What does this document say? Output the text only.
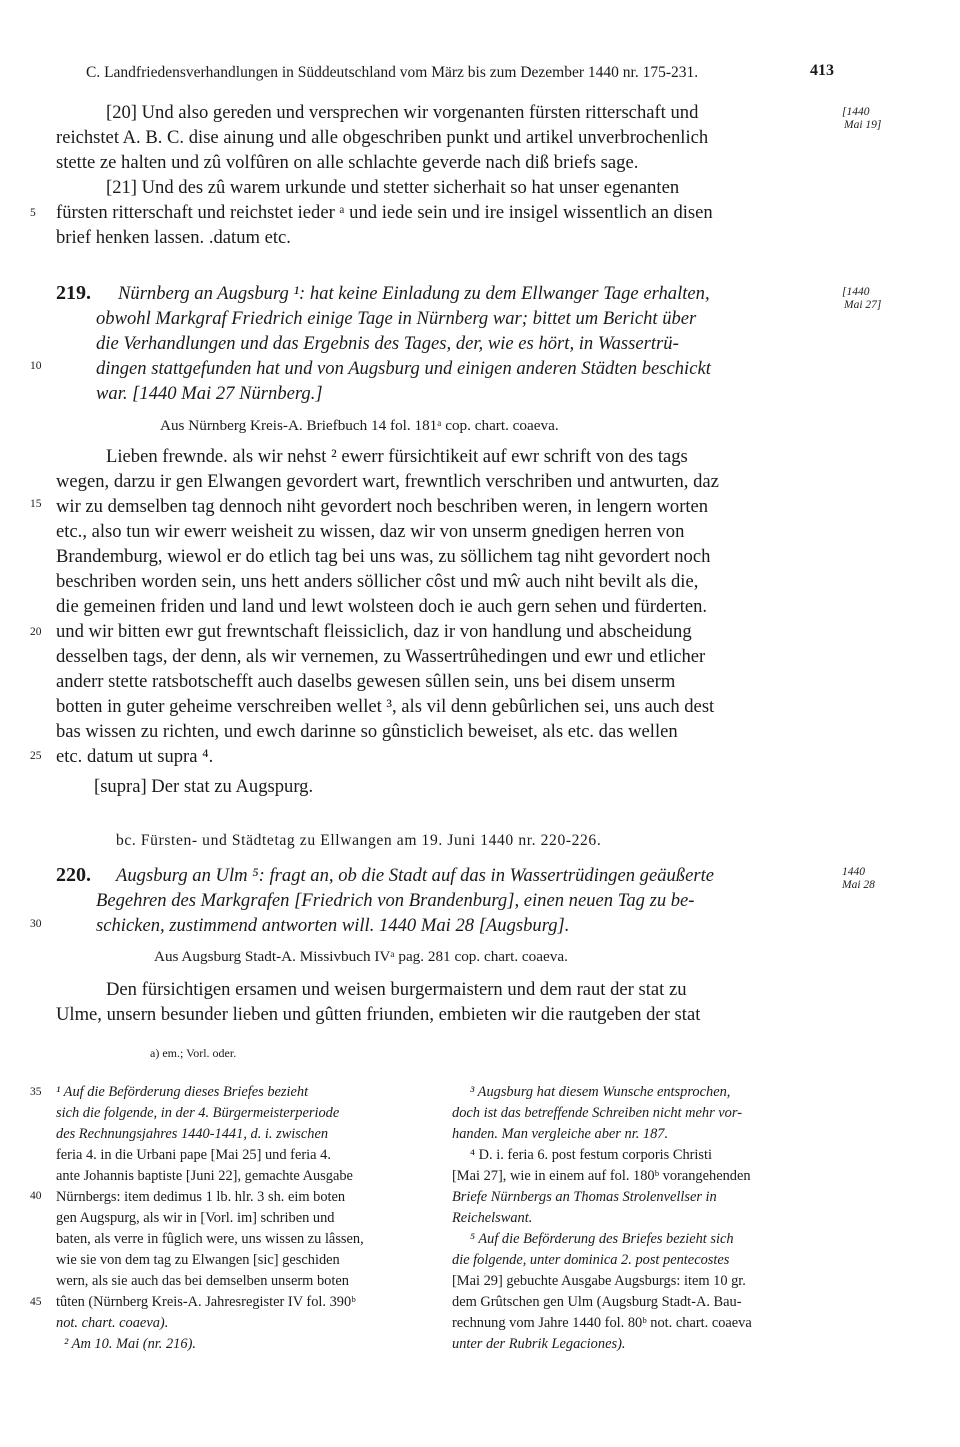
C. Landfriedensverhandlungen in Süddeutschland vom März bis zum Dezember 1440 nr. 175-231.	413
[20] Und also gereden und versprechen wir vorgenanten fürsten ritterschaft und
reichstet A. B. C. dise ainung und alle obgeschriben punkt und artikel unverbrochenlich
stette ze halten und zû volfûren on alle schlachte geverde nach diß briefs sage.
[21] Und des zû warem urkunde und stetter sicherhait so hat unser egenanten
fürsten ritterschaft und reichstet ieder ᵃ und iede sein und ire insigel wissentlich an disen
brief henken lassen. .datum etc.
[1440
Mai 19]
5
10
15
20
25
30
35
40
45
219. Nürnberg an Augsburg ¹: hat keine Einladung zu dem Ellwanger Tage erhalten,
obwohl Markgraf Friedrich einige Tage in Nürnberg war; bittet um Bericht über
die Verhandlungen und das Ergebnis des Tages, der, wie es hört, in Wassertrü-
dingen stattgefunden hat und von Augsburg und einigen anderen Städten beschickt
war. [1440 Mai 27 Nürnberg.]
[1440
Mai 27]
Aus Nürnberg Kreis-A. Briefbuch 14 fol. 181ᵃ cop. chart. coaeva.
Lieben frewnde. als wir nehst ² ewerr fürsichtikeit auf ewr schrift von des tags
wegen, darzu ir gen Elwangen gevordert wart, frewntlich verschriben und antwurten, daz
wir zu demselben tag dennoch niht gevordert noch beschriben weren, in lengern worten
etc., also tun wir ewerr weisheit zu wissen, daz wir von unserm gnedigen herren von
Brandemburg, wiewol er do etlich tag bei uns was, zu söllichem tag niht gevordert noch
beschriben worden sein, uns hett anders söllicher côst und mŵ auch niht bevilt als die,
die gemeinen friden und land und lewt wolsteen doch ie auch gern sehen und fürderten.
und wir bitten ewr gut frewntschaft fleissiclich, daz ir von handlung und abscheidung
desselben tags, der denn, als wir vernemen, zu Wassertrûhedingen und ewr und etlicher
anderr stette ratsbotschefft auch daselbs gewesen sûllen sein, uns bei disem unserm
botten in guter geheime verschreiben wellet ³, als vil denn gebûrlichen sei, uns auch dest
bas wissen zu richten, und ewch darinne so gûnsticlich beweiset, als etc. das wellen
etc. datum ut supra ⁴.
[supra] Der stat zu Augspurg.
bc. Fürsten- und Städtetag zu Ellwangen am 19. Juni 1440 nr. 220-226.
220. Augsburg an Ulm ⁵: fragt an, ob die Stadt auf das in Wassertrüdingen geäußerte
Begehren des Markgrafen [Friedrich von Brandenburg], einen neuen Tag zu be-
schicken, zustimmend antworten will. 1440 Mai 28 [Augsburg].
1440
Mai 28
Aus Augsburg Stadt-A. Missivbuch IVᵃ pag. 281 cop. chart. coaeva.
Den fürsichtigen ersamen und weisen burgermaistern und dem raut der stat zu
Ulme, unsern besunder lieben und gûtten friunden, embieten wir die rautgeben der stat
a) em.; Vorl. oder.
¹ Auf die Beförderung dieses Briefes bezieht
sich die folgende, in der 4. Bürgermeisterperiode
des Rechnungsjahres 1440-1441, d. i. zwischen
feria 4. in die Urbani pape [Mai 25] und feria 4.
ante Johannis baptiste [Juni 22], gemachte Ausgabe
Nürnbergs: item dedimus 1 lb. hlr. 3 sh. eim boten
gen Augspurg, als wir in [Vorl. im] schriben und
baten, als verre in fûglich were, uns wissen zu lâssen,
wie sie von dem tag zu Elwangen [sic] geschiden
wern, als sie auch das bei demselben unserm boten
tûten (Nürnberg Kreis-A. Jahresregister IV fol. 390ᵇ
not. chart. coaeva).
² Am 10. Mai (nr. 216).
³ Augsburg hat diesem Wunsche entsprochen,
doch ist das betreffende Schreiben nicht mehr vor-
handen. Man vergleiche aber nr. 187.
⁴ D. i. feria 6. post festum corporis Christi
[Mai 27], wie in einem auf fol. 180ᵇ vorangehenden
Briefe Nürnbergs an Thomas Strolenvellser in
Reichelswant.
⁵ Auf die Beförderung des Briefes bezieht sich
die folgende, unter dominica 2. post pentecostes
[Mai 29] gebuchte Ausgabe Augsburgs: item 10 gr.
dem Grûtschen gen Ulm (Augsburg Stadt-A. Bau-
rechnung vom Jahre 1440 fol. 80ᵇ not. chart. coaeva
unter der Rubrik Legaciones).
